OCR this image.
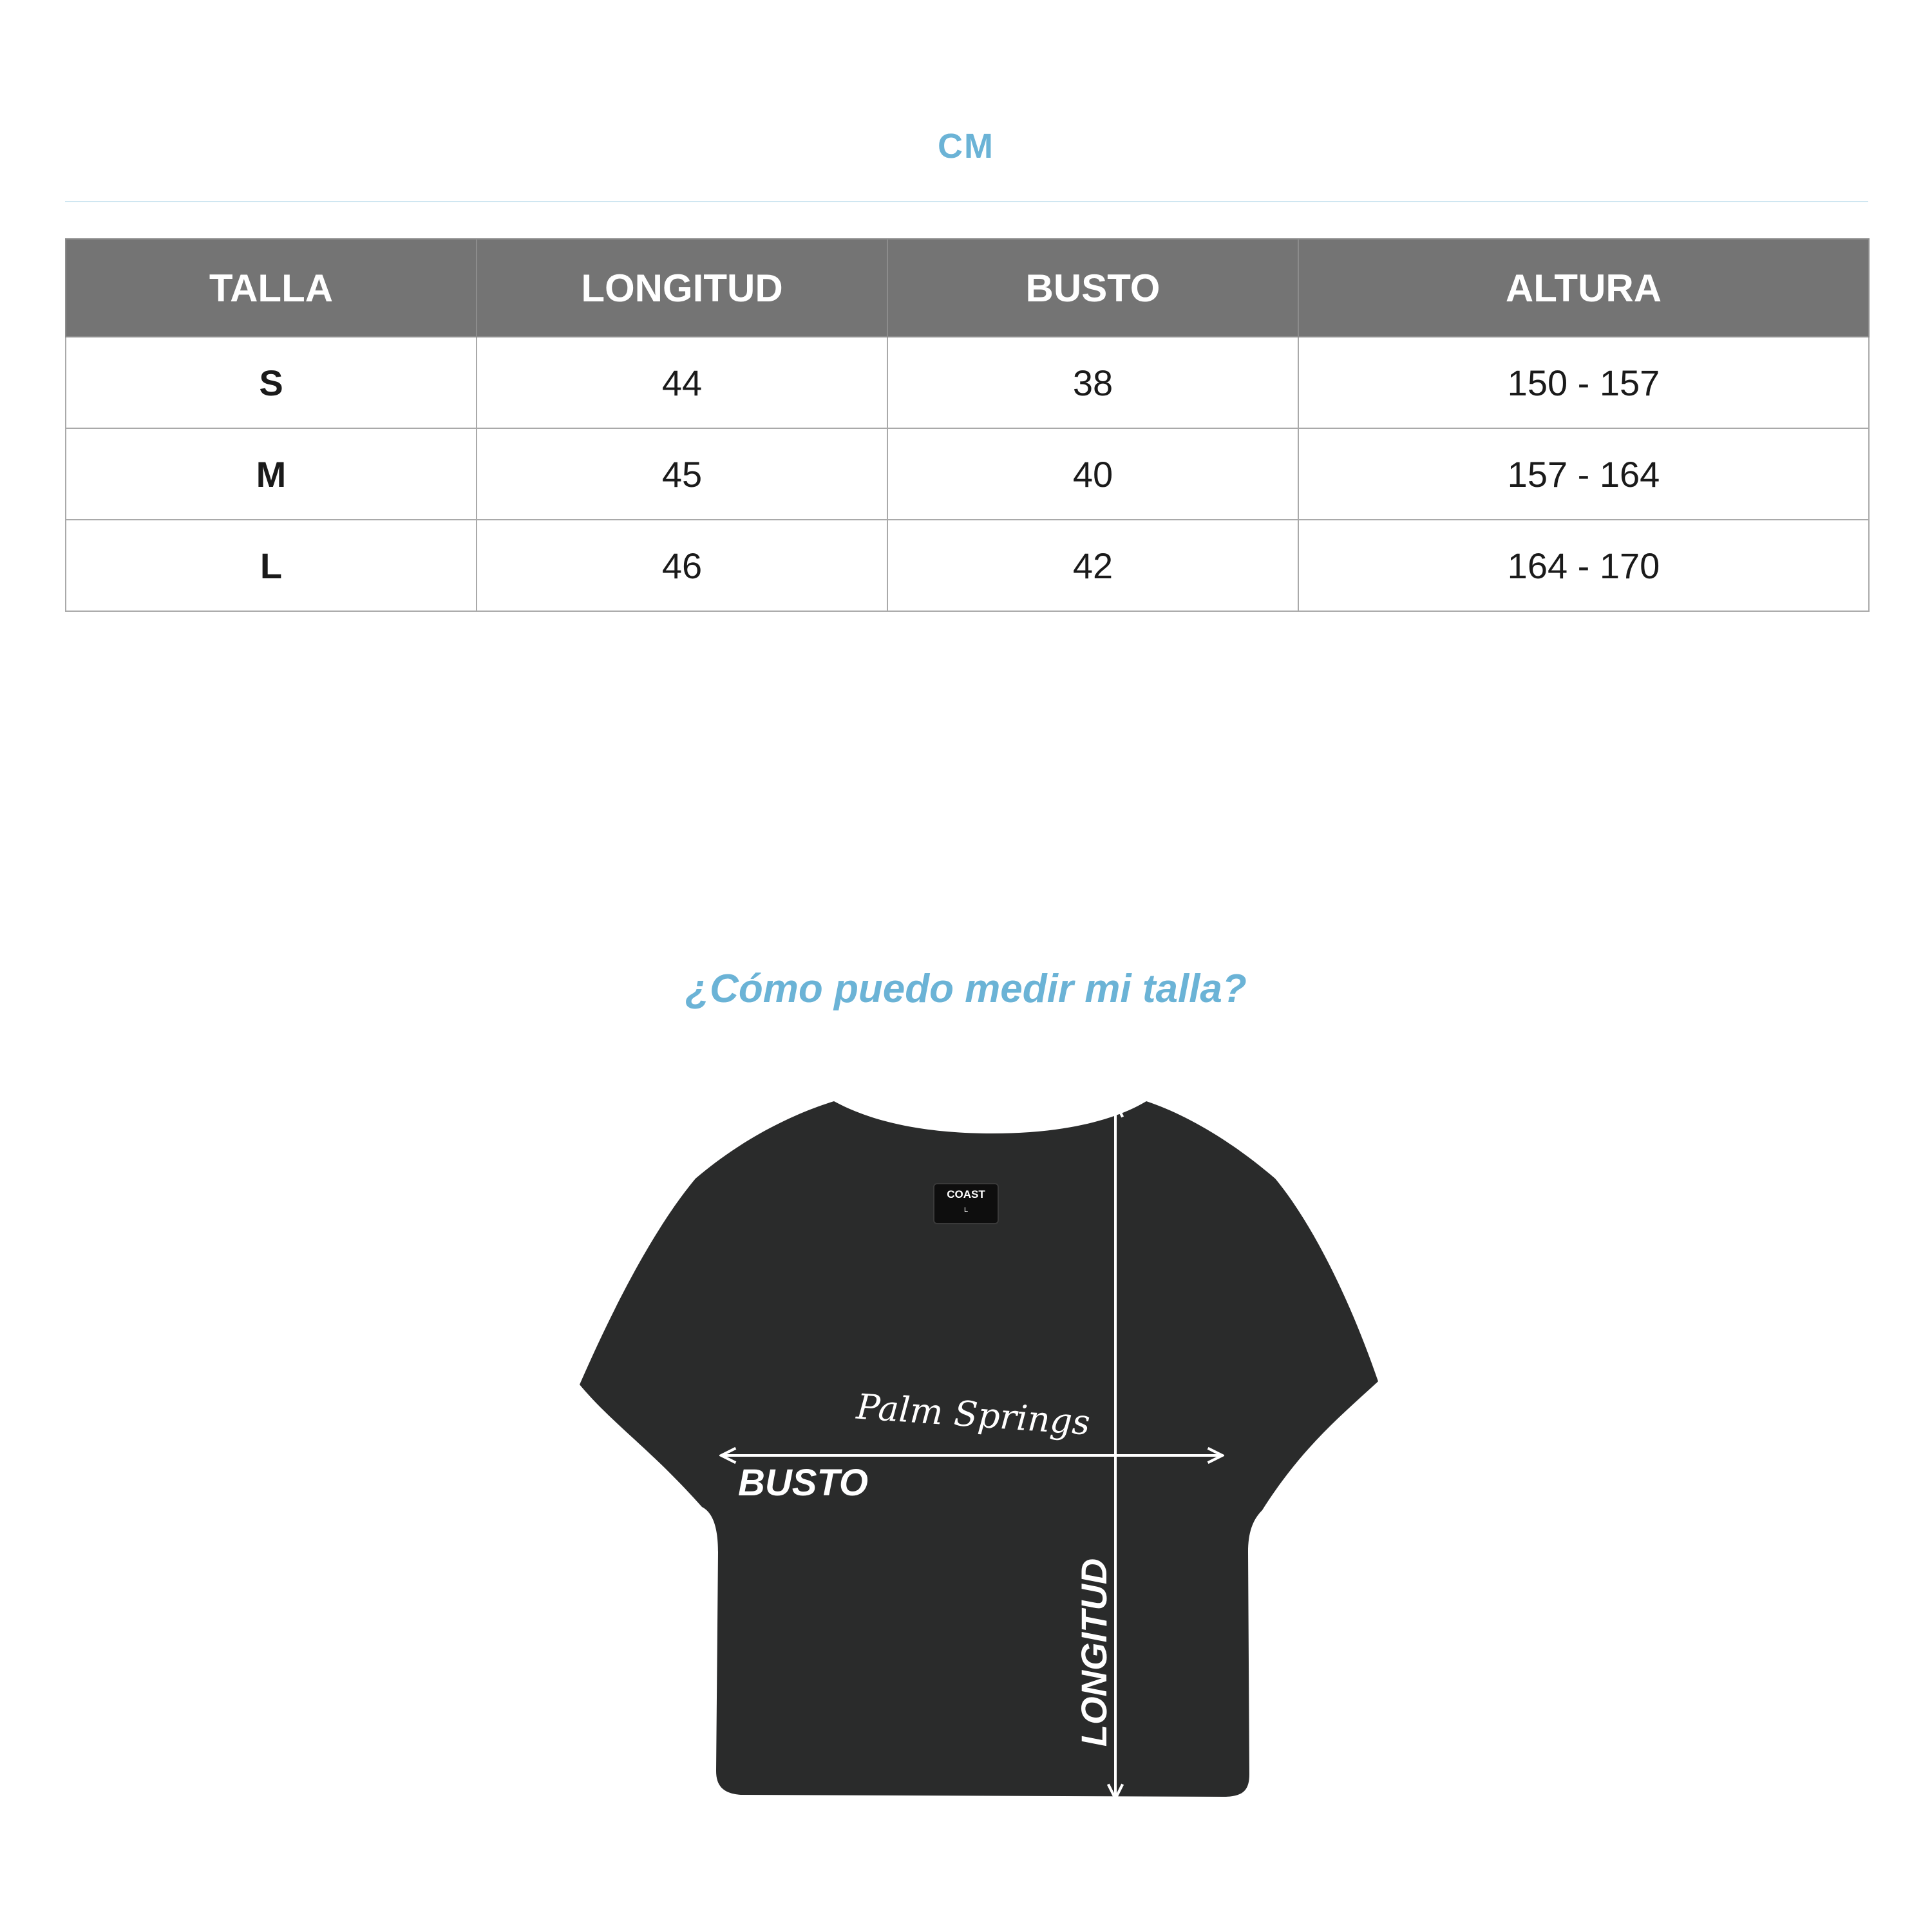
CM
TALLA	LONGITUD	BUSTO	ALTURA
S	44	38	150 - 157
M	45	40	157 - 164
L	46	42	164 - 170
¿Cómo puedo medir mi talla?
COAST
L
Palm Springs
BUSTO
LONGITUD
